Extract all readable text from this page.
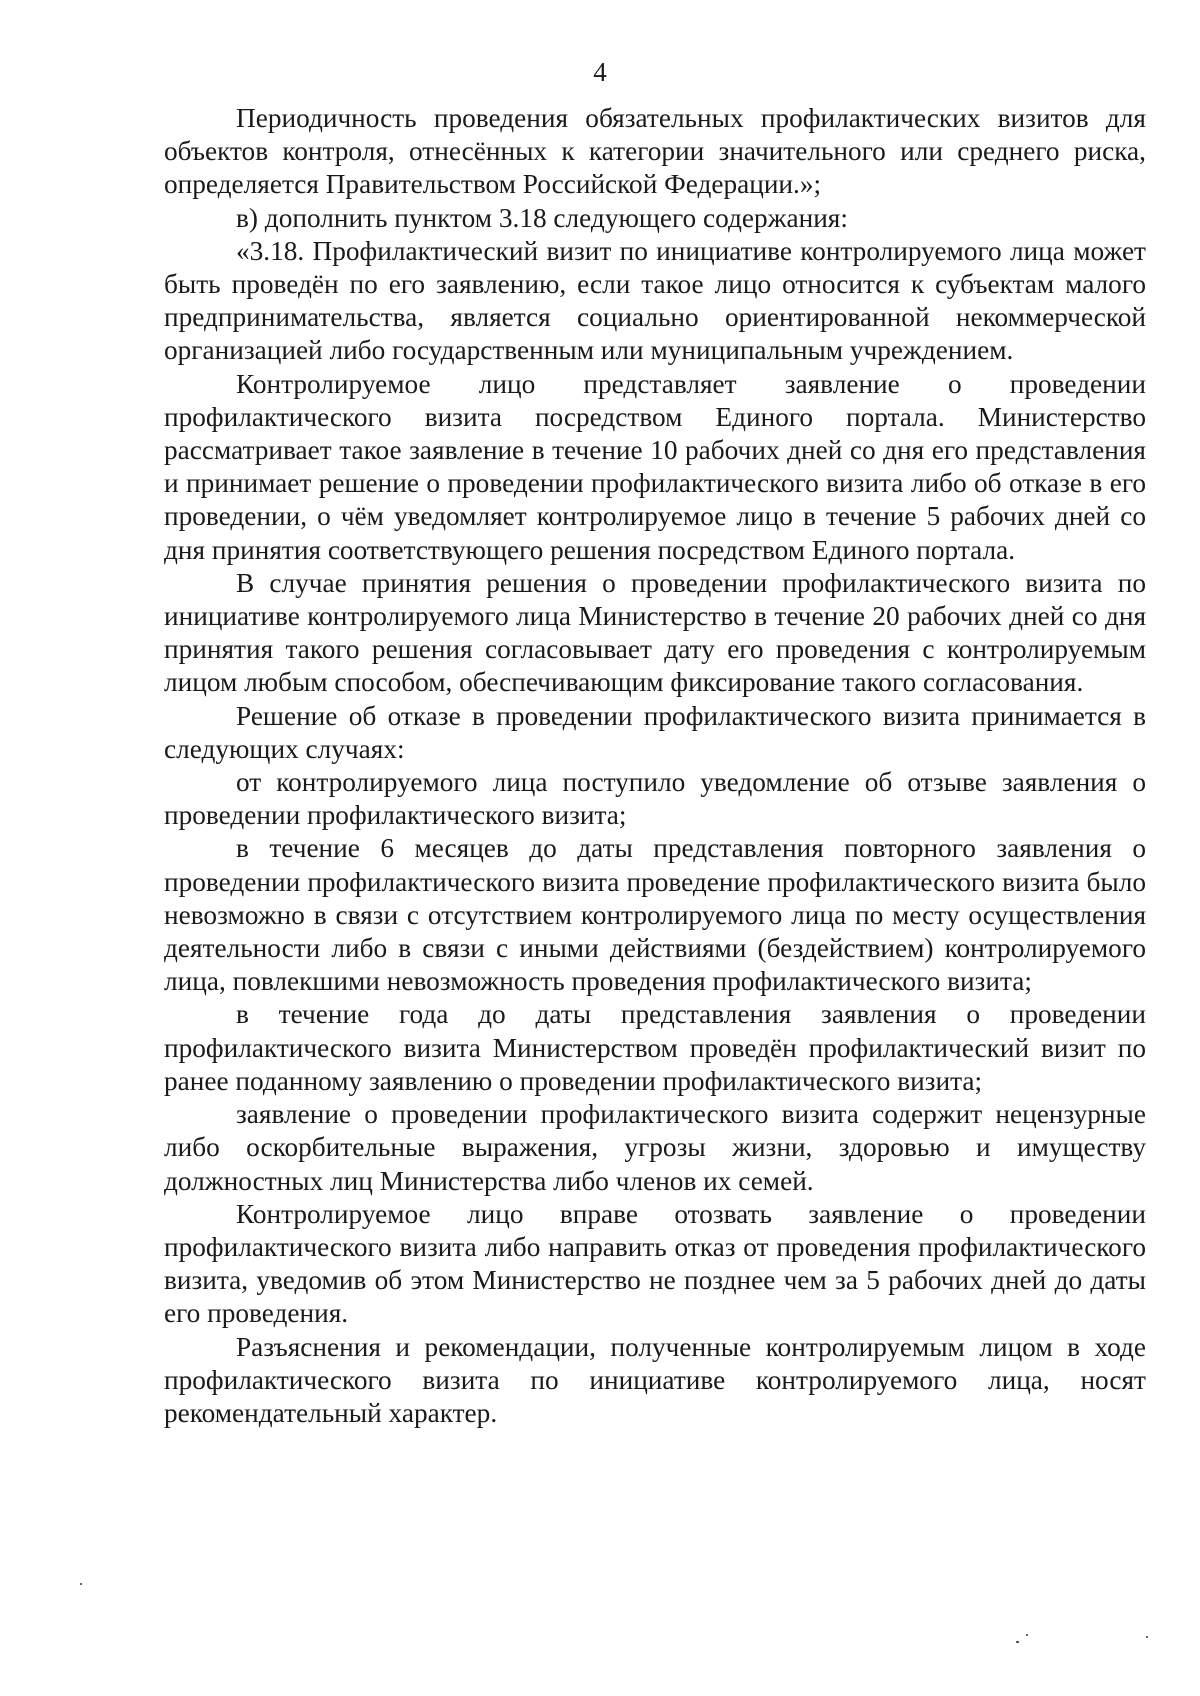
4

Периодичность проведения обязательных профилактических визитов для объектов контроля, отнесённых к категории значительного или среднего риска, определяется Правительством Российской Федерации.»;

в) дополнить пунктом 3.18 следующего содержания:

«3.18. Профилактический визит по инициативе контролируемого лица может быть проведён по его заявлению, если такое лицо относится к субъектам малого предпринимательства, является социально ориентированной некоммерческой организацией либо государственным или муниципальным учреждением.

Контролируемое лицо представляет заявление о проведении профилактического визита посредством Единого портала. Министерство рассматривает такое заявление в течение 10 рабочих дней со дня его представления и принимает решение о проведении профилактического визита либо об отказе в его проведении, о чём уведомляет контролируемое лицо в течение 5 рабочих дней со дня принятия соответствующего решения посредством Единого портала.

В случае принятия решения о проведении профилактического визита по инициативе контролируемого лица Министерство в течение 20 рабочих дней со дня принятия такого решения согласовывает дату его проведения с контролируемым лицом любым способом, обеспечивающим фиксирование такого согласования.

Решение об отказе в проведении профилактического визита принимается в следующих случаях:

от контролируемого лица поступило уведомление об отзыве заявления о проведении профилактического визита;

в течение 6 месяцев до даты представления повторного заявления о проведении профилактического визита проведение профилактического визита было невозможно в связи с отсутствием контролируемого лица по месту осуществления деятельности либо в связи с иными действиями (бездействием) контролируемого лица, повлекшими невозможность проведения профилактического визита;

в течение года до даты представления заявления о проведении профилактического визита Министерством проведён профилактический визит по ранее поданному заявлению о проведении профилактического визита;

заявление о проведении профилактического визита содержит нецензурные либо оскорбительные выражения, угрозы жизни, здоровью и имуществу должностных лиц Министерства либо членов их семей.

Контролируемое лицо вправе отозвать заявление о проведении профилактического визита либо направить отказ от проведения профилактического визита, уведомив об этом Министерство не позднее чем за 5 рабочих дней до даты его проведения.

Разъяснения и рекомендации, полученные контролируемым лицом в ходе профилактического визита по инициативе контролируемого лица, носят рекомендательный характер.
